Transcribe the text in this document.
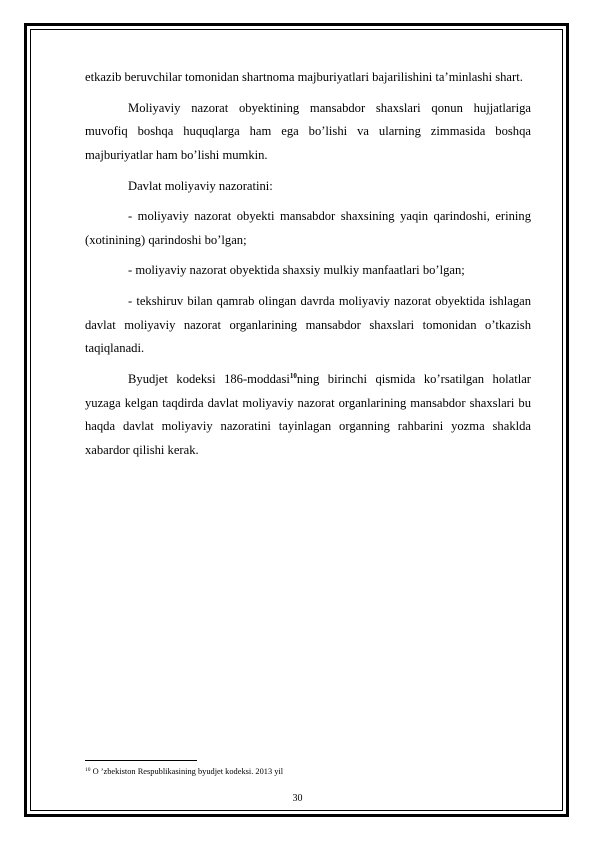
etkazib beruvchilar tomonidan shartnoma majburiyatlari bajarilishini ta’minlashi shart.

Moliyaviy nazorat obyektining mansabdor shaxslari qonun hujjatlariga muvofiq boshqa huquqlarga ham ega bo’lishi va ularning zimmasida boshqa majburiyatlar ham bo’lishi mumkin.

Davlat moliyaviy nazoratini:

- moliyaviy nazorat obyekti mansabdor shaxsining yaqin qarindoshi, erining (xotinining) qarindoshi bo’lgan;

- moliyaviy nazorat obyektida shaxsiy mulkiy manfaatlari bo’lgan;

- tekshiruv bilan qamrab olingan davrda moliyaviy nazorat obyektida ishlagan davlat moliyaviy nazorat organlarining mansabdor shaxslari tomonidan o’tkazish taqiqlanadi.

Byudjet kodeksi 186-moddasi$^{10}$ning birinchi qismida ko’rsatilgan holatlar yuzaga kelgan taqdirda davlat moliyaviy nazorat organlarining mansabdor shaxslari bu haqda davlat moliyaviy nazoratini tayinlagan organning rahbarini yozma shaklda xabardor qilishi kerak.

$^{10}$ O ’zbekiston Respublikasining byudjet kodeksi. 2013 yil
30
